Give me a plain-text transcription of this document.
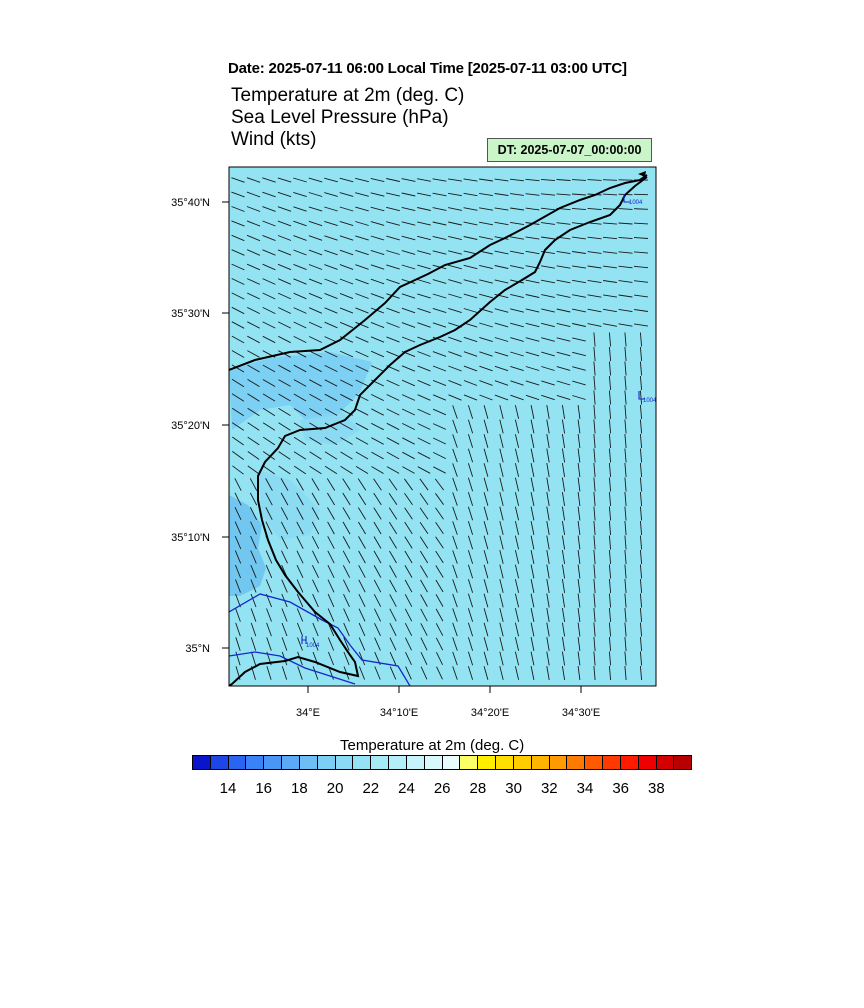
Date: 2025-07-11 06:00 Local Time [2025-07-11 03:00 UTC]
Temperature at 2m (deg. C)
Sea Level Pressure (hPa)
Wind (kts)	DT: 2025-07-07_00:00:00
35°40'N
35°30'N
35°20'N
35°10'N
35°N
34°E	34°10'E	34°20'E	34°30'E
1004
1004
1004
Temperature at 2m (deg. C)
14 16 18 20 22 24 26 28 30 32 34 36 38
